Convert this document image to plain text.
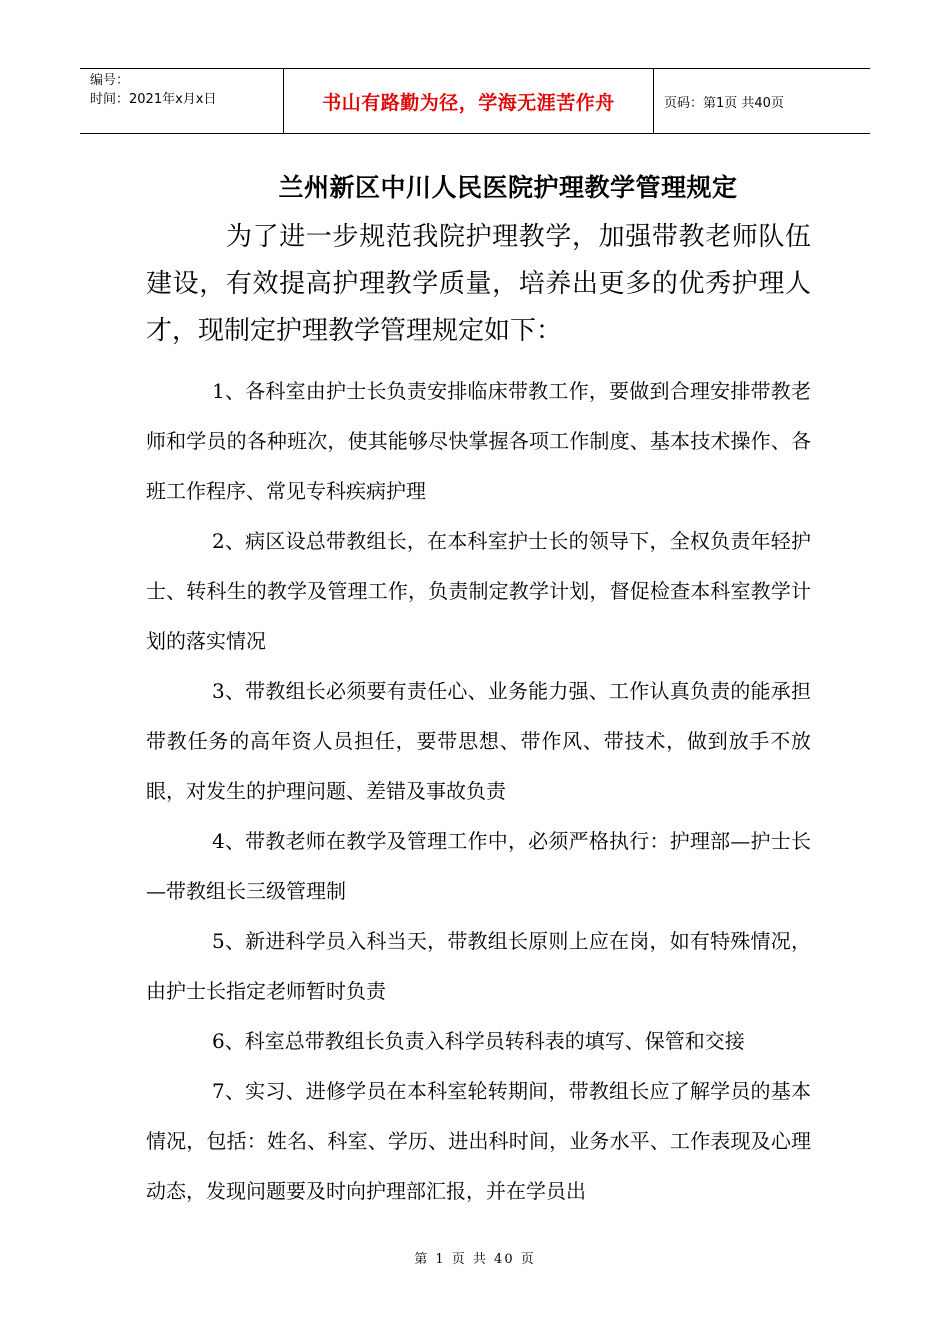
编号：
时间：2021年x月x日	书山有路勤为径，学海无涯苦作舟	页码：第1页 共40页
兰州新区中川人民医院护理教学管理规定

为了进一步规范我院护理教学，加强带教老师队伍建设，有效提高护理教学质量，培养出更多的优秀护理人才，现制定护理教学管理规定如下：

1、各科室由护士长负责安排临床带教工作，要做到合理安排带教老师和学员的各种班次，使其能够尽快掌握各项工作制度、基本技术操作、各班工作程序、常见专科疾病护理

2、病区设总带教组长，在本科室护士长的领导下，全权负责年轻护士、转科生的教学及管理工作，负责制定教学计划，督促检查本科室教学计划的落实情况

3、带教组长必须要有责任心、业务能力强、工作认真负责的能承担带教任务的高年资人员担任，要带思想、带作风、带技术，做到放手不放眼，对发生的护理问题、差错及事故负责

4、带教老师在教学及管理工作中，必须严格执行：护理部—护士长—带教组长三级管理制

5、新进科学员入科当天，带教组长原则上应在岗，如有特殊情况，由护士长指定老师暂时负责

6、科室总带教组长负责入科学员转科表的填写、保管和交接

7、实习、进修学员在本科室轮转期间，带教组长应了解学员的基本情况，包括：姓名、科室、学历、进出科时间，业务水平、工作表现及心理动态，发现问题要及时向护理部汇报，并在学员出

第 1 页 共 40 页
